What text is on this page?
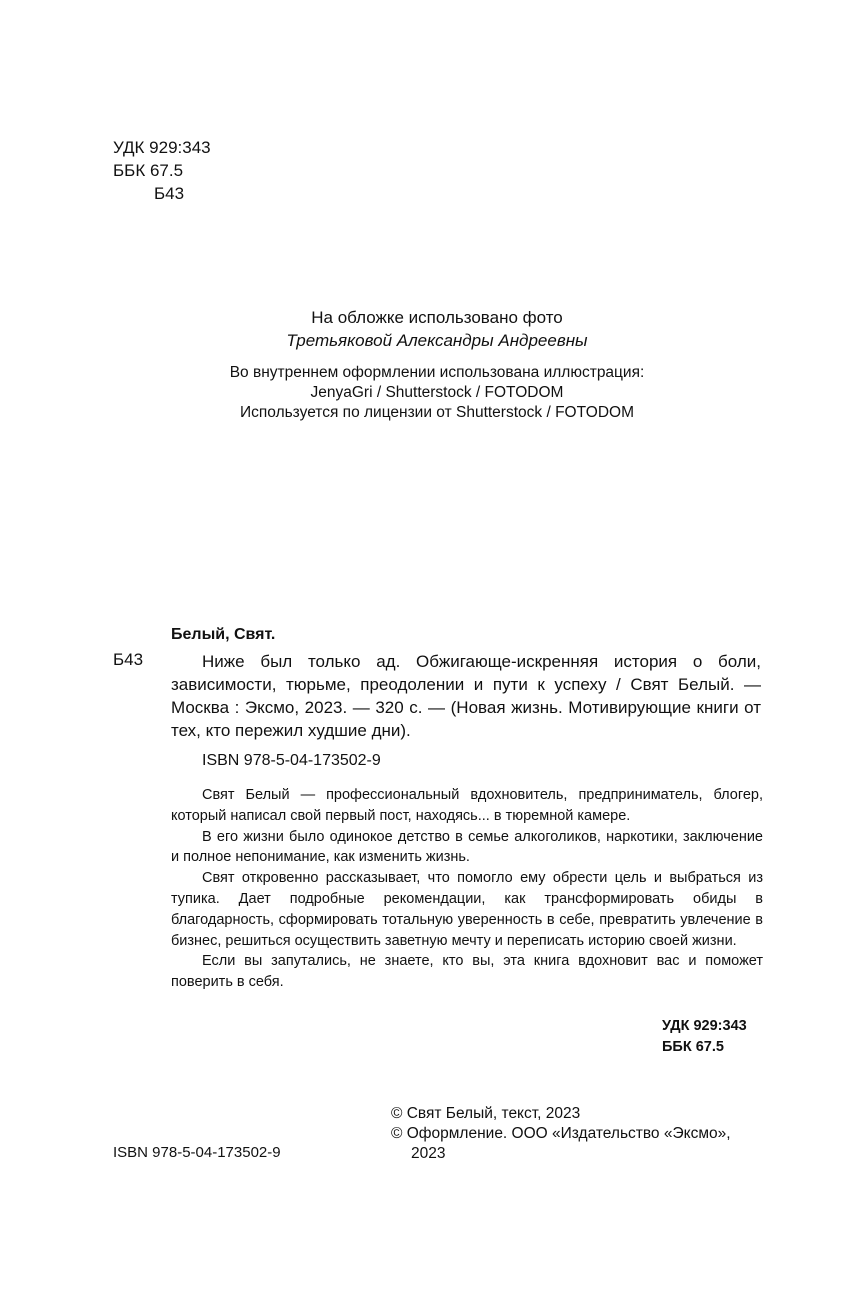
УДК 929:343
ББК 67.5
Б43
На обложке использовано фото
Третьяковой Александры Андреевны
Во внутреннем оформлении использована иллюстрация:
JenyaGri / Shutterstock / FOTODOM
Используется по лицензии от Shutterstock / FOTODOM
Белый, Свят.
Б43	Ниже был только ад. Обжигающе-искренняя история о боли, зависимости, тюрьме, преодолении и пути к успеху / Свят Белый. — Москва : Эксмо, 2023. — 320 с. — (Новая жизнь. Мотивирующие книги от тех, кто пережил худшие дни).
ISBN 978-5-04-173502-9

Свят Белый — профессиональный вдохновитель, предприниматель, блогер, который написал свой первый пост, находясь... в тюремной камере.

В его жизни было одинокое детство в семье алкоголиков, наркотики, заключение и полное непонимание, как изменить жизнь.

Свят откровенно рассказывает, что помогло ему обрести цель и выбраться из тупика. Дает подробные рекомендации, как трансформировать обиды в благодарность, сформировать тотальную уверенность в себе, превратить увлечение в бизнес, решиться осуществить заветную мечту и переписать историю своей жизни.

Если вы запутались, не знаете, кто вы, эта книга вдохновит вас и поможет поверить в себя.

УДК 929:343
ББК 67.5
© Свят Белый, текст, 2023
© Оформление. ООО «Издательство «Эксмо»,
2023
ISBN 978-5-04-173502-9
